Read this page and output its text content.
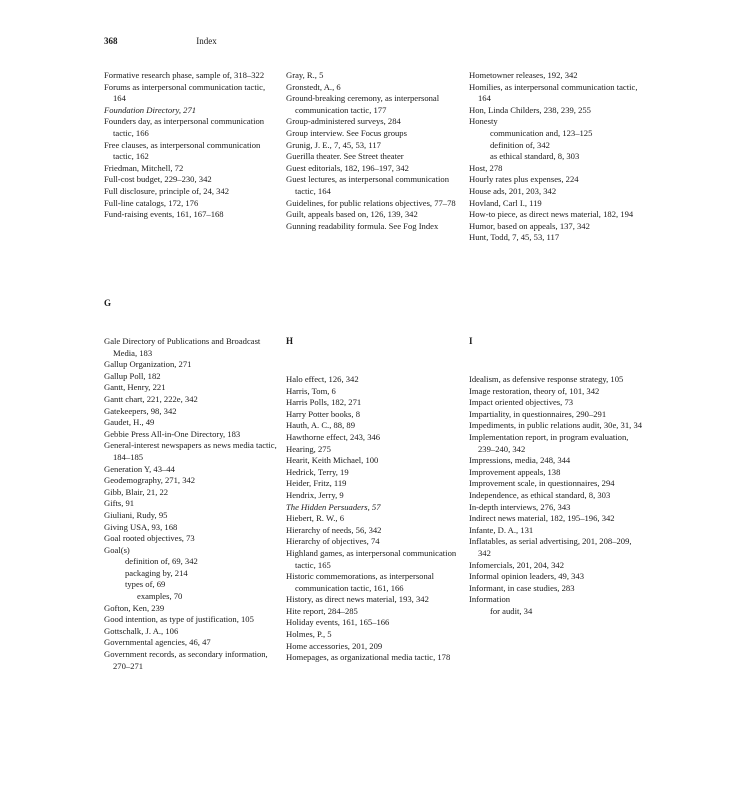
368	Index

Formative research phase, sample of, 318–322

Forums as interpersonal communication tactic, 164

Foundation Directory, 271

Founders day, as interpersonal communication tactic, 166

Free clauses, as interpersonal communication tactic, 162

Friedman, Mitchell, 72

Full-cost budget, 229–230, 342

Full disclosure, principle of, 24, 342

Full-line catalogs, 172, 176

Fund-raising events, 161, 167–168

Gray, R., 5

Gronstedt, A., 6

Ground-breaking ceremony, as interpersonal communication tactic, 177

Group-administered surveys, 284

Group interview. See Focus groups

Grunig, J. E., 7, 45, 53, 117

Guerilla theater. See Street theater

Guest editorials, 182, 196–197, 342

Guest lectures, as interpersonal communication tactic, 164

Guidelines, for public relations objectives, 77–78

Guilt, appeals based on, 126, 139, 342

Gunning readability formula. See Fog Index

Hometowner releases, 192, 342

Homilies, as interpersonal communication tactic, 164

Hon, Linda Childers, 238, 239, 255

Honesty

communication and, 123–125

definition of, 342

as ethical standard, 8, 303

Host, 278

Hourly rates plus expenses, 224

House ads, 201, 203, 342

Hovland, Carl I., 119

How-to piece, as direct news material, 182, 194

Humor, based on appeals, 137, 342

Hunt, Todd, 7, 45, 53, 117

G
H	I

Gale Directory of Publications and Broadcast Media, 183

Gallup Organization, 271

Gallup Poll, 182

Gantt, Henry, 221

Gantt chart, 221, 222e, 342

Gatekeepers, 98, 342

Gaudet, H., 49

Gebbie Press All-in-One Directory, 183

General-interest newspapers as news media tactic, 184–185

Generation Y, 43–44

Geodemography, 271, 342

Gibb, Blair, 21, 22

Gifts, 91

Giuliani, Rudy, 95

Giving USA, 93, 168

Goal rooted objectives, 73

Goal(s)

definition of, 69, 342

packaging by, 214

types of, 69

examples, 70

Gofton, Ken, 239

Good intention, as type of justification, 105

Gottschalk, J. A., 106

Governmental agencies, 46, 47

Government records, as secondary information, 270–271

Halo effect, 126, 342

Harris, Tom, 6

Harris Polls, 182, 271

Harry Potter books, 8

Hauth, A. C., 88, 89

Hawthorne effect, 243, 346

Hearing, 275

Hearit, Keith Michael, 100

Hedrick, Terry, 19

Heider, Fritz, 119

Hendrix, Jerry, 9

The Hidden Persuaders, 57

Hiebert, R. W., 6

Hierarchy of needs, 56, 342

Hierarchy of objectives, 74

Highland games, as interpersonal communication tactic, 165

Historic commemorations, as interpersonal communication tactic, 161, 166

History, as direct news material, 193, 342

Hite report, 284–285

Holiday events, 161, 165–166

Holmes, P., 5

Home accessories, 201, 209

Homepages, as organizational media tactic, 178

Idealism, as defensive response strategy, 105

Image restoration, theory of, 101, 342

Impact oriented objectives, 73

Impartiality, in questionnaires, 290–291

Impediments, in public relations audit, 30e, 31, 34

Implementation report, in program evaluation, 239–240, 342

Impressions, media, 248, 344

Improvement appeals, 138

Improvement scale, in questionnaires, 294

Independence, as ethical standard, 8, 303

In-depth interviews, 276, 343

Indirect news material, 182, 195–196, 342

Infante, D. A., 131

Inflatables, as serial advertising, 201, 208–209, 342

Infomercials, 201, 204, 342

Informal opinion leaders, 49, 343

Informant, in case studies, 283

Information

for audit, 34
